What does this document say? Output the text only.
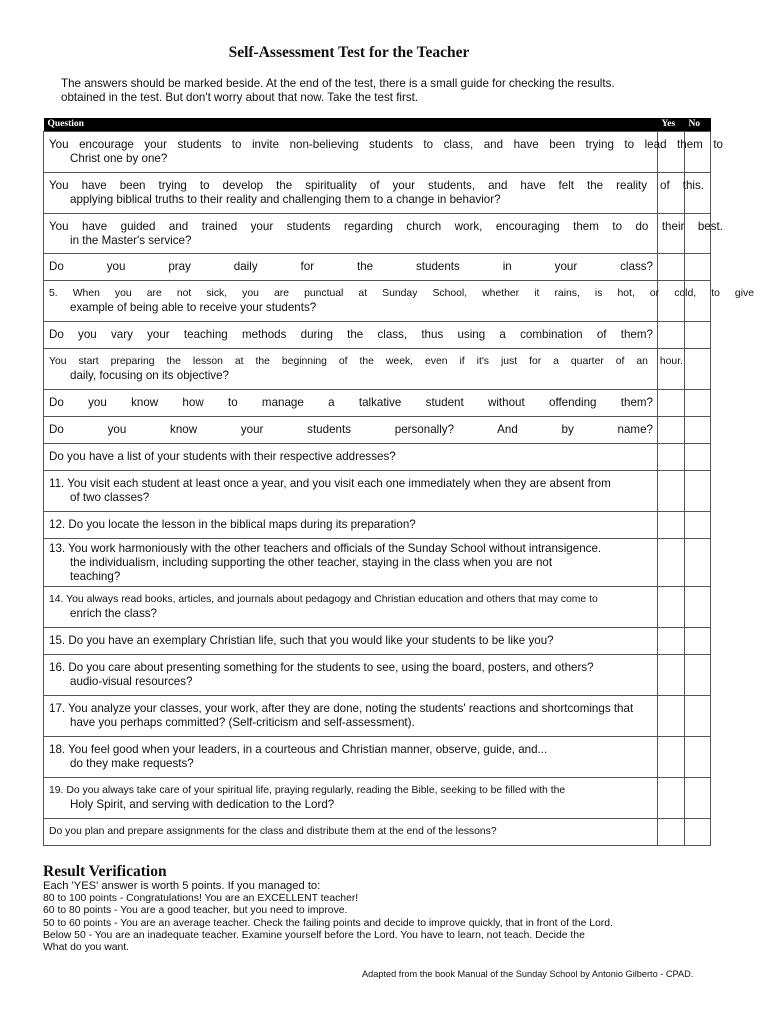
Self-Assessment Test for the Teacher
The answers should be marked beside. At the end of the test, there is a small guide for checking the results.
obtained in the test. But don't worry about that now. Take the test first.
Question	Yes	No

You encourage your students to invite non-believing students to class, and have been trying to lead them to
Christ one by one?		

You have been trying to develop the spirituality of your students, and have felt the reality of this.
applying biblical truths to their reality and challenging them to a change in behavior?		

You have guided and trained your students regarding church work, encouraging them to do their best.
in the Master's service?		

Do you pray daily for the students in your class?		

5. When you are not sick, you are punctual at Sunday School, whether it rains, is hot, or cold, to give
example of being able to receive your students?		

Do you vary your teaching methods during the class, thus using a combination of them?		

You start preparing the lesson at the beginning of the week, even if it's just for a quarter of an hour.
daily, focusing on its objective?		

Do you know how to manage a talkative student without offending them?		

Do you know your students personally? And by name?		

Do you have a list of your students with their respective addresses?		

11. You visit each student at least once a year, and you visit each one immediately when they are absent from
of two classes?		

12. Do you locate the lesson in the biblical maps during its preparation?		

13. You work harmoniously with the other teachers and officials of the Sunday School without intransigence.
the individualism, including supporting the other teacher, staying in the class when you are not
teaching?		

14. You always read books, articles, and journals about pedagogy and Christian education and others that may come to
enrich the class?		

15. Do you have an exemplary Christian life, such that you would like your students to be like you?		

16. Do you care about presenting something for the students to see, using the board, posters, and others?
audio-visual resources?		

17. You analyze your classes, your work, after they are done, noting the students' reactions and shortcomings that
have you perhaps committed? (Self-criticism and self-assessment).		

18. You feel good when your leaders, in a courteous and Christian manner, observe, guide, and...
do they make requests?		

19. Do you always take care of your spiritual life, praying regularly, reading the Bible, seeking to be filled with the
Holy Spirit, and serving with dedication to the Lord?		

Do you plan and prepare assignments for the class and distribute them at the end of the lessons?		

Result Verification
Each 'YES' answer is worth 5 points. If you managed to:
80 to 100 points - Congratulations! You are an EXCELLENT teacher!
60 to 80 points - You are a good teacher, but you need to improve.
50 to 60 points - You are an average teacher. Check the failing points and decide to improve quickly, that in front of the Lord.
Below 50 - You are an inadequate teacher. Examine yourself before the Lord. You have to learn, not teach. Decide the
What do you want.
Adapted from the book Manual of the Sunday School by Antonio Gilberto - CPAD.
